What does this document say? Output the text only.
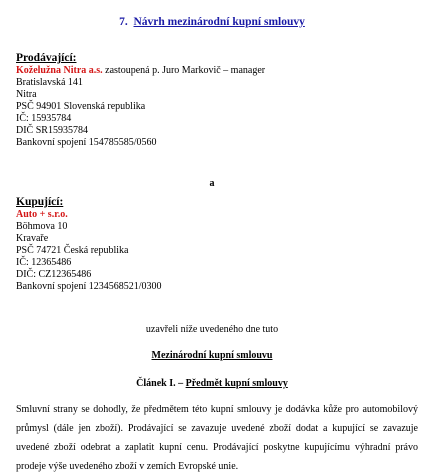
7. Návrh mezinárodní kupní smlouvy
Prodávající:
Koželužna Nitra a.s. zastoupená p. Juro Markovič – manager
Bratislavská 141
Nitra
PSČ 94901 Slovenská republika
IČ: 15935784
DIČ SR15935784
Bankovní spojení 154785585/0560
a
Kupující:
Auto + s.r.o.
Böhmova 10
Kravaře
PSČ 74721 Česká republika
IČ: 12365486
DIČ: CZ12365486
Bankovní spojení 1234568521/0300
uzavřeli níže uvedeného dne tuto
Mezinárodní kupní smlouvu
Článek I. – Předmět kupní smlouvy
Smluvní strany se dohodly, že předmětem této kupní smlouvy je dodávka kůže pro automobilový průmysl (dále jen zboží). Prodávající se zavazuje uvedené zboží dodat a kupující se zavazuje uvedené zboží odebrat a zaplatit kupní cenu. Prodávající poskytne kupujícímu výhradní právo prodeje výše uvedeného zboží v zemích Evropské unie.
